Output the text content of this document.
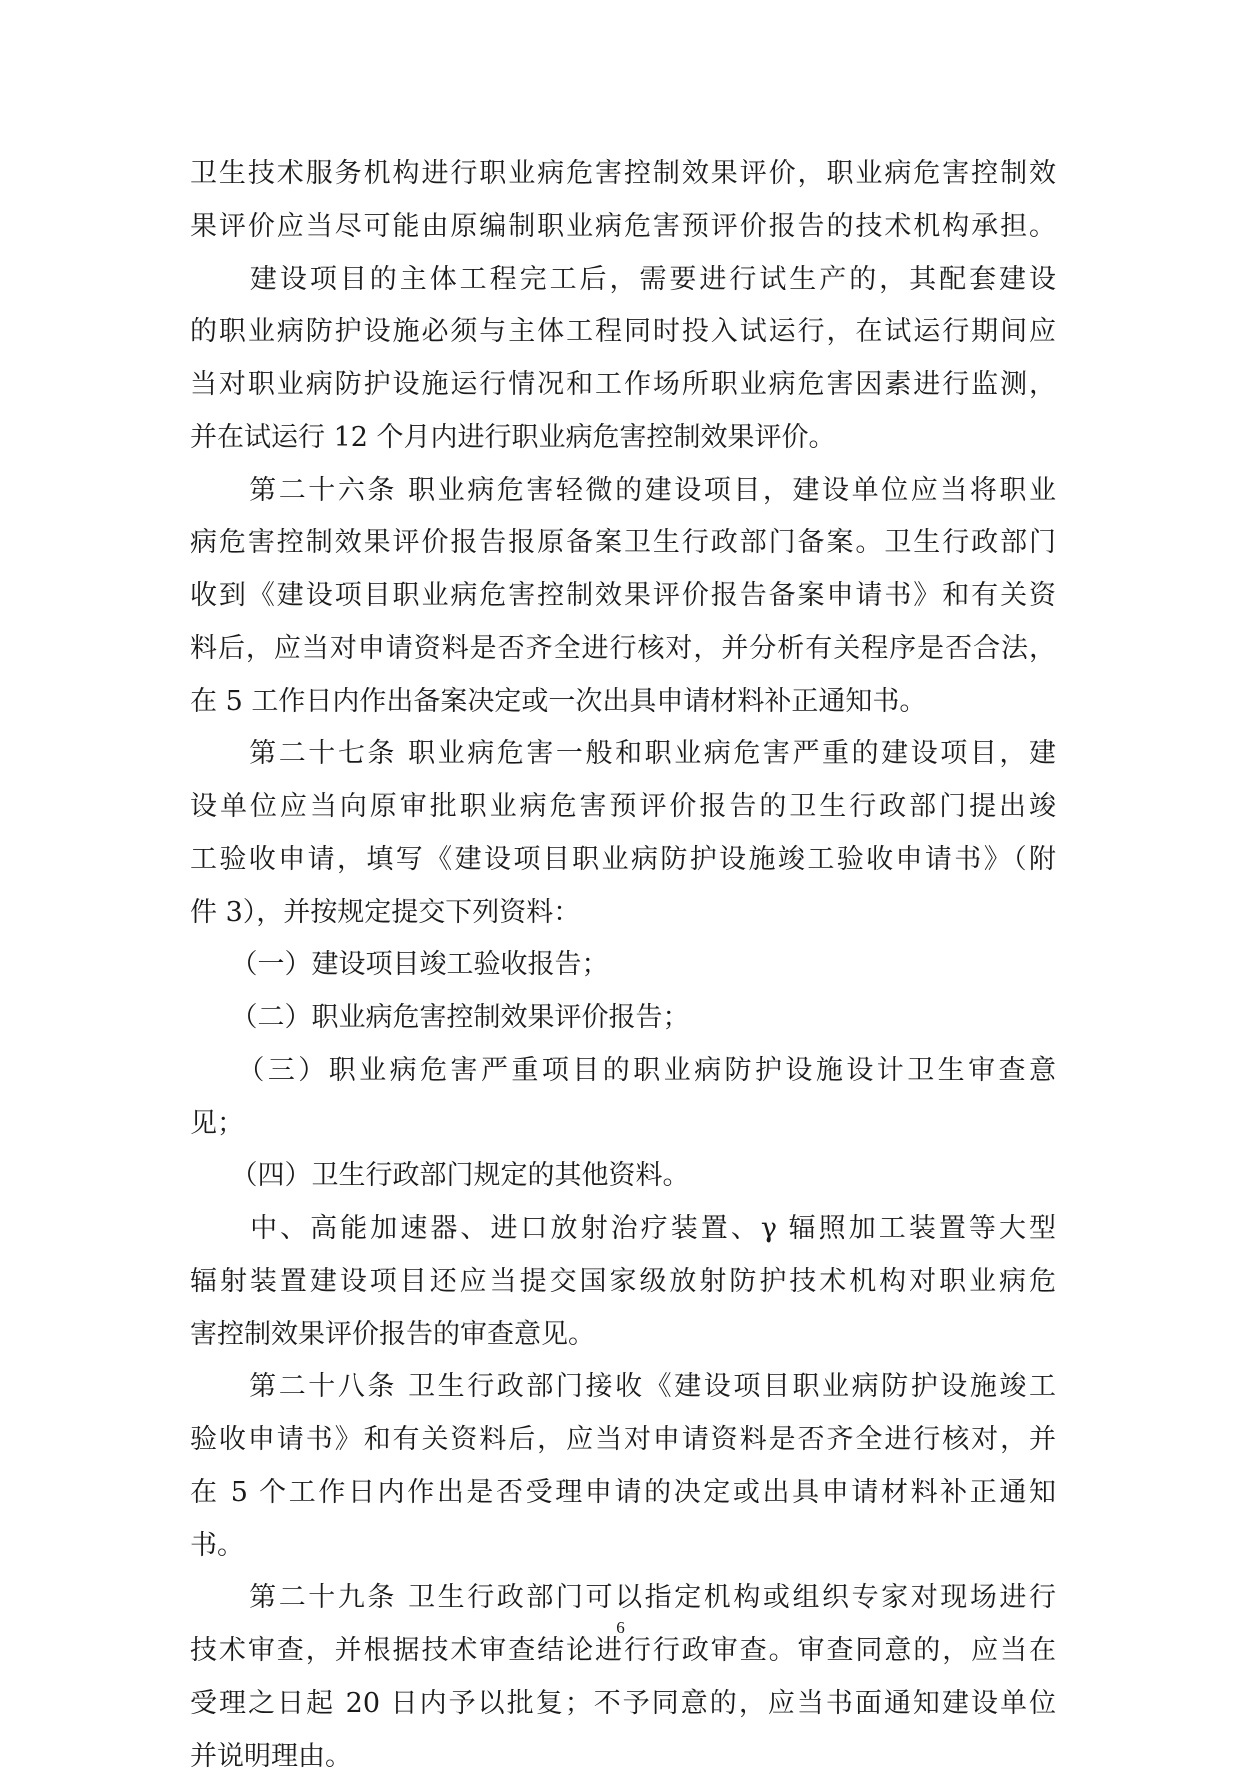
卫生技术服务机构进行职业病危害控制效果评价，职业病危害控制效
果评价应当尽可能由原编制职业病危害预评价报告的技术机构承担。
　　建设项目的主体工程完工后，需要进行试生产的，其配套建设
的职业病防护设施必须与主体工程同时投入试运行，在试运行期间应
当对职业病防护设施运行情况和工作场所职业病危害因素进行监测，
并在试运行 12 个月内进行职业病危害控制效果评价。
　　第二十六条 职业病危害轻微的建设项目，建设单位应当将职业
病危害控制效果评价报告报原备案卫生行政部门备案。卫生行政部门
收到《建设项目职业病危害控制效果评价报告备案申请书》和有关资
料后，应当对申请资料是否齐全进行核对，并分析有关程序是否合法，
在 5 工作日内作出备案决定或一次出具申请材料补正通知书。
　　第二十七条 职业病危害一般和职业病危害严重的建设项目，建
设单位应当向原审批职业病危害预评价报告的卫生行政部门提出竣
工验收申请，填写《建设项目职业病防护设施竣工验收申请书》（附
件 3），并按规定提交下列资料：
　　（一）建设项目竣工验收报告；
　　（二）职业病危害控制效果评价报告；
　　（三）职业病危害严重项目的职业病防护设施设计卫生审查意
见；
　　（四）卫生行政部门规定的其他资料。
　　中、高能加速器、进口放射治疗装置、γ 辐照加工装置等大型
辐射装置建设项目还应当提交国家级放射防护技术机构对职业病危
害控制效果评价报告的审查意见。
　　第二十八条 卫生行政部门接收《建设项目职业病防护设施竣工
验收申请书》和有关资料后，应当对申请资料是否齐全进行核对，并
在 5 个工作日内作出是否受理申请的决定或出具申请材料补正通知
书。
　　第二十九条 卫生行政部门可以指定机构或组织专家对现场进行
技术审查，并根据技术审查结论进行行政审查。审查同意的，应当在
受理之日起 20 日内予以批复；不予同意的，应当书面通知建设单位
并说明理由。
6
